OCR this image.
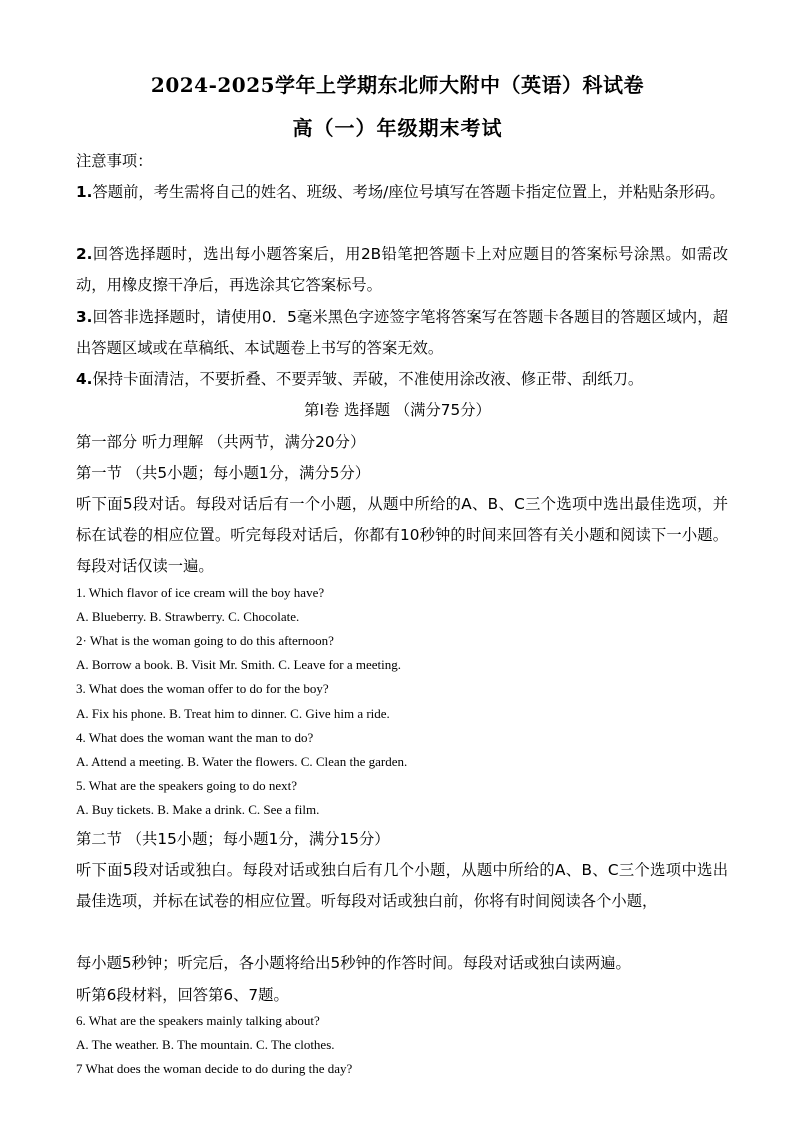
2024-2025学年上学期东北师大附中（英语）科试卷
高（一）年级期末考试

注意事项：

1.答题前，考生需将自己的姓名、班级、考场/座位号填写在答题卡指定位置上，并粘贴条形码。

2.回答选择题时，选出每小题答案后，用2B铅笔把答题卡上对应题目的答案标号涂黑。如需改动，用橡皮擦干净后，再选涂其它答案标号。

3.回答非选择题时，请使用0．5毫米黑色字迹签字笔将答案写在答题卡各题目的答题区域内，超出答题区域或在草稿纸、本试题卷上书写的答案无效。

4.保持卡面清洁，不要折叠、不要弄皱、弄破，不准使用涂改液、修正带、刮纸刀。

第I卷 选择题 （满分75分）

第一部分 听力理解 （共两节，满分20分）

第一节 （共5小题；每小题1分，满分5分）

听下面5段对话。每段对话后有一个小题，从题中所给的A、B、C三个选项中选出最佳选项，并标在试卷的相应位置。听完每段对话后，你都有10秒钟的时间来回答有关小题和阅读下一小题。每段对话仅读一遍。

1. Which flavor of ice cream will the boy have?

A. Blueberry. B. Strawberry. C. Chocolate.

2· What is the woman going to do this afternoon?

A. Borrow a book. B. Visit Mr. Smith. C. Leave for a meeting.

3. What does the woman offer to do for the boy?

A. Fix his phone. B. Treat him to dinner. C. Give him a ride.

4. What does the woman want the man to do?

A. Attend a meeting. B. Water the flowers. C. Clean the garden.

5. What are the speakers going to do next?

A. Buy tickets. B. Make a drink. C. See a film.

第二节 （共15小题；每小题1分，满分15分）

听下面5段对话或独白。每段对话或独白后有几个小题，从题中所给的A、B、C三个选项中选出最佳选项，并标在试卷的相应位置。听每段对话或独白前，你将有时间阅读各个小题，

每小题5秒钟；听完后，各小题将给出5秒钟的作答时间。每段对话或独白读两遍。

听第6段材料，回答第6、7题。

6. What are the speakers mainly talking about?

A. The weather. B. The mountain. C. The clothes.

7 What does the woman decide to do during the day?
